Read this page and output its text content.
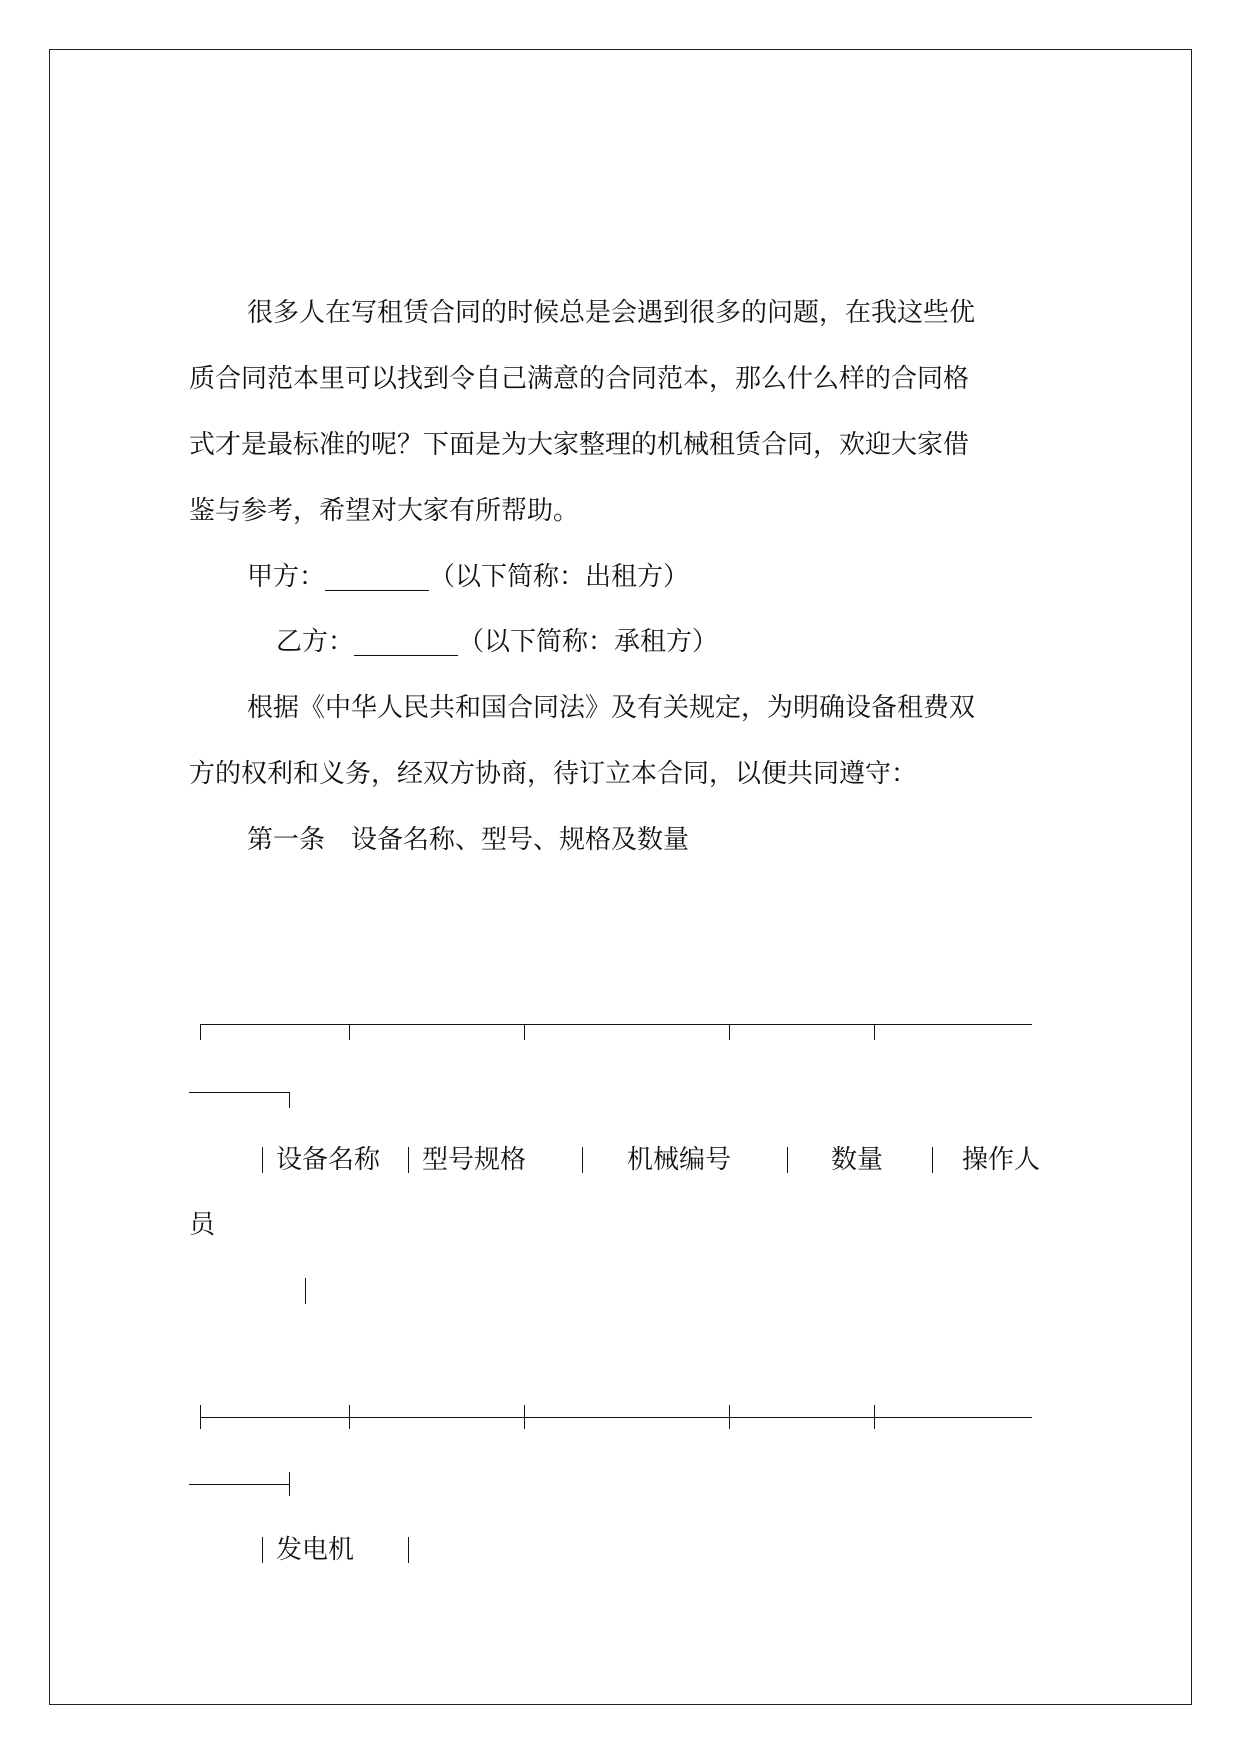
很多人在写租赁合同的时候总是会遇到很多的问题，在我这些优
质合同范本里可以找到令自己满意的合同范本，那么什么样的合同格
式才是最标准的呢？下面是为大家整理的机械租赁合同，欢迎大家借
鉴与参考，希望对大家有所帮助。
甲方：________（以下简称：出租方）
乙方：________（以下简称：承租方）
根据《中华人民共和国合同法》及有关规定，为明确设备租费双
方的权利和义务，经双方协商，待订立本合同，以便共同遵守：
第一条　设备名称、型号、规格及数量
设备名称 型号规格	机械编号	数量	操作人
员
发电机
